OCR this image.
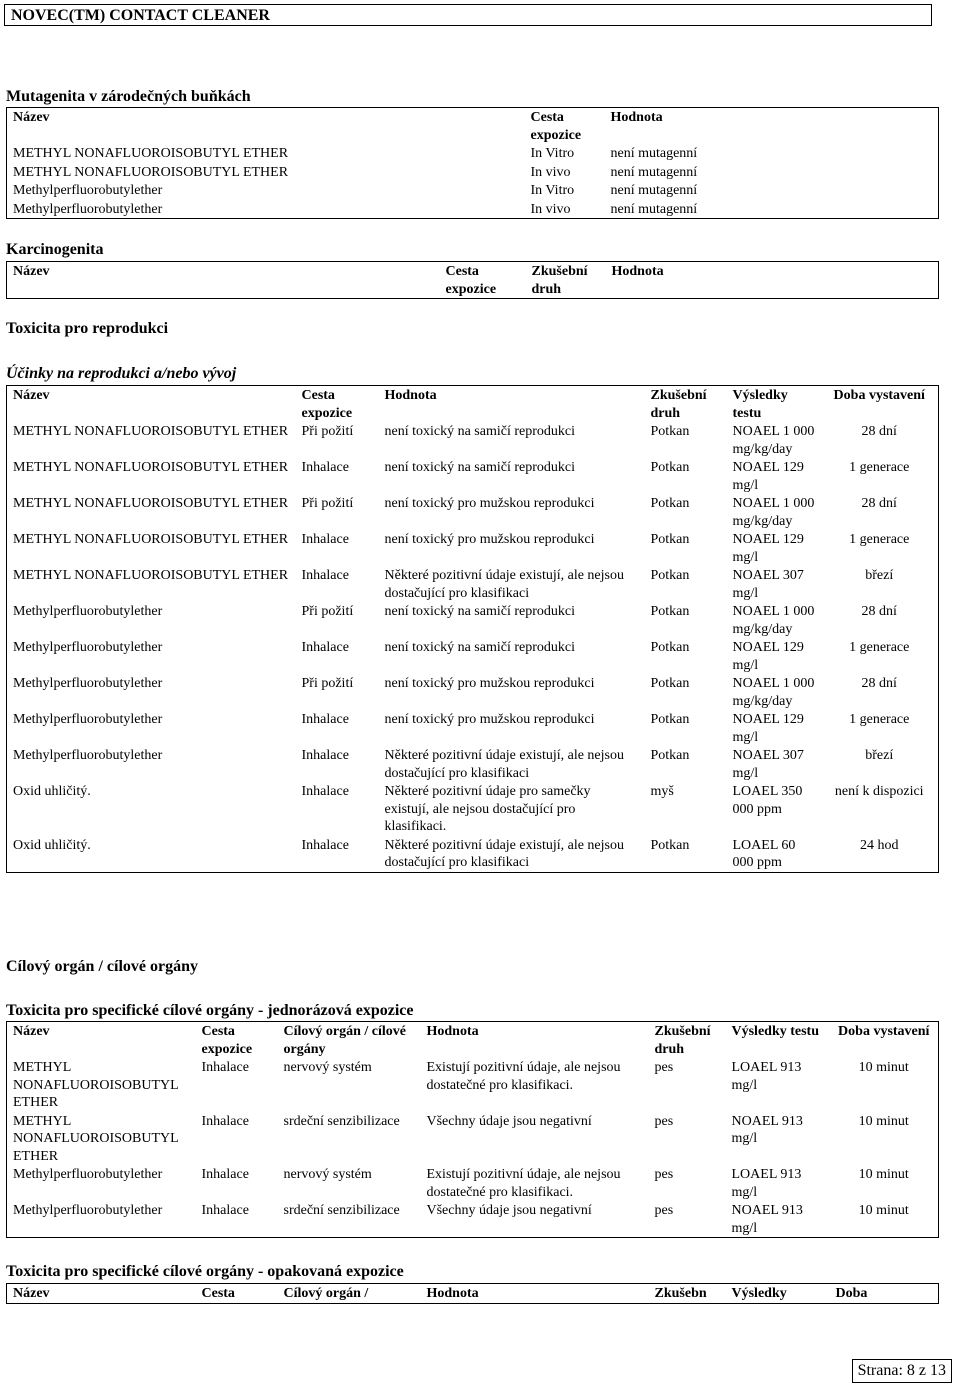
NOVEC(TM) CONTACT CLEANER
Mutagenita v zárodečných buňkách
Název	Cesta expozice	Hodnota
METHYL NONAFLUOROISOBUTYL ETHER	In Vitro	není mutagenní
METHYL NONAFLUOROISOBUTYL ETHER	In vivo	není mutagenní
Methylperfluorobutylether	In Vitro	není mutagenní
Methylperfluorobutylether	In vivo	není mutagenní
Karcinogenita
Název	Cesta expozice	Zkušební druh	Hodnota
Toxicita pro reprodukci
Účinky na reprodukci a/nebo vývoj
Název	Cesta expozice	Hodnota	Zkušební druh	Výsledky testu	Doba vystavení
METHYL NONAFLUOROISOBUTYL ETHER	Při požití	není toxický na samičí reprodukci	Potkan	NOAEL 1 000 mg/kg/day	28 dní
METHYL NONAFLUOROISOBUTYL ETHER	Inhalace	není toxický na samičí reprodukci	Potkan	NOAEL 129 mg/l	1 generace
METHYL NONAFLUOROISOBUTYL ETHER	Při požití	není toxický pro mužskou reprodukci	Potkan	NOAEL 1 000 mg/kg/day	28 dní
METHYL NONAFLUOROISOBUTYL ETHER	Inhalace	není toxický pro mužskou reprodukci	Potkan	NOAEL 129 mg/l	1 generace
METHYL NONAFLUOROISOBUTYL ETHER	Inhalace	Některé pozitivní údaje existují, ale nejsou dostačující pro klasifikaci	Potkan	NOAEL 307 mg/l	březí
Methylperfluorobutylether	Při požití	není toxický na samičí reprodukci	Potkan	NOAEL 1 000 mg/kg/day	28 dní
Methylperfluorobutylether	Inhalace	není toxický na samičí reprodukci	Potkan	NOAEL 129 mg/l	1 generace
Methylperfluorobutylether	Při požití	není toxický pro mužskou reprodukci	Potkan	NOAEL 1 000 mg/kg/day	28 dní
Methylperfluorobutylether	Inhalace	není toxický pro mužskou reprodukci	Potkan	NOAEL 129 mg/l	1 generace
Methylperfluorobutylether	Inhalace	Některé pozitivní údaje existují, ale nejsou dostačující pro klasifikaci	Potkan	NOAEL 307 mg/l	březí
Oxid uhličitý.	Inhalace	Některé pozitivní údaje pro samečky existují, ale nejsou dostačující pro klasifikaci.	myš	LOAEL 350 000 ppm	není k dispozici
Oxid uhličitý.	Inhalace	Některé pozitivní údaje existují, ale nejsou dostačující pro klasifikaci	Potkan	LOAEL 60 000 ppm	24 hod
Cílový orgán / cílové orgány
Toxicita pro specifické cílové orgány - jednorázová expozice
Název	Cesta expozice	Cílový orgán / cílové orgány	Hodnota	Zkušební druh	Výsledky testu	Doba vystavení
METHYL NONAFLUOROISOBUTYL ETHER	Inhalace	nervový systém	Existují pozitivní údaje, ale nejsou dostatečné pro klasifikaci.	pes	LOAEL 913 mg/l	10 minut
METHYL NONAFLUOROISOBUTYL ETHER	Inhalace	srdeční senzibilizace	Všechny údaje jsou negativní	pes	NOAEL 913 mg/l	10 minut
Methylperfluorobutylether	Inhalace	nervový systém	Existují pozitivní údaje, ale nejsou dostatečné pro klasifikaci.	pes	LOAEL 913 mg/l	10 minut
Methylperfluorobutylether	Inhalace	srdeční senzibilizace	Všechny údaje jsou negativní	pes	NOAEL 913 mg/l	10 minut
Toxicita pro specifické cílové orgány - opakovaná expozice
Název	Cesta	Cílový orgán /	Hodnota	Zkušebn	Výsledky	Doba
Strana: 8 z 13
